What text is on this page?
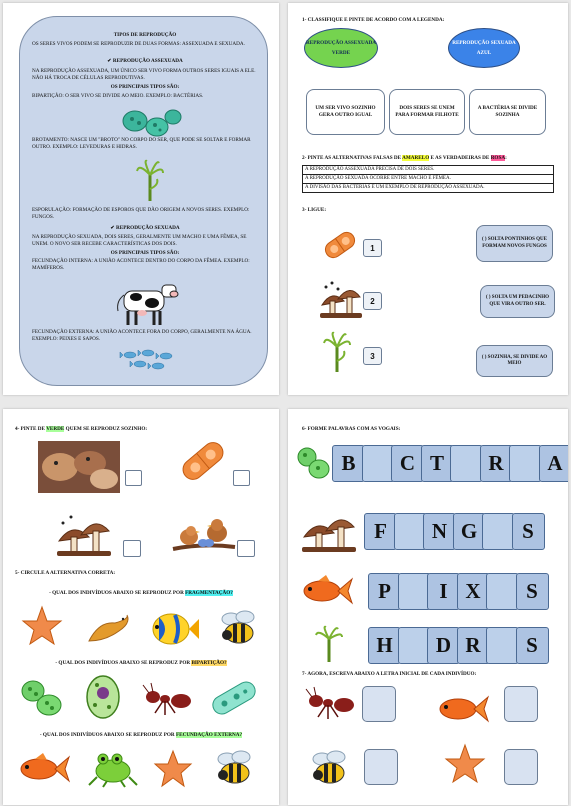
TIPOS DE REPRODUÇÃO
OS SERES VIVOS PODEM SE REPRODUZIR DE DUAS FORMAS: ASSEXUADA E SEXUADA.
✔ REPRODUÇÃO ASSEXUADA
NA REPRODUÇÃO ASSEXUADA, UM ÚNICO SER VIVO FORMA OUTROS SERES IGUAIS A ELE. NÃO HÁ TROCA DE CÉLULAS REPRODUTIVAS.
OS PRINCIPAIS TIPOS SÃO:
BIPARTIÇÃO: O SER VIVO SE DIVIDE AO MEIO. EXEMPLO: BACTÉRIAS.
BROTAMENTO: NASCE UM "BROTO" NO CORPO DO SER, QUE PODE SE SOLTAR E FORMAR OUTRO. EXEMPLO: LEVEDURAS E HIDRAS.
ESPORULAÇÃO: FORMAÇÃO DE ESPOROS QUE DÃO ORIGEM A NOVOS SERES. EXEMPLO: FUNGOS.
✔ REPRODUÇÃO SEXUADA
NA REPRODUÇÃO SEXUADA, DOIS SERES, GERALMENTE UM MACHO E UMA FÊMEA, SE UNEM. O NOVO SER RECEBE CARACTERÍSTICAS DOS DOIS.
OS PRINCIPAIS TIPOS SÃO:
FECUNDAÇÃO INTERNA: A UNIÃO ACONTECE DENTRO DO CORPO DA FÊMEA. EXEMPLO: MAMÍFEROS.
FECUNDAÇÃO EXTERNA: A UNIÃO ACONTECE FORA DO CORPO, GERALMENTE NA ÁGUA. EXEMPLO: PEIXES E SAPOS.
1- CLASSIFIQUE E PINTE DE ACORDO COM A LEGENDA:
REPRODUÇÃO ASSEXUADA
VERDE
REPRODUÇÃO SEXUADA
AZUL
UM SER VIVO SOZINHO GERA OUTRO IGUAL
DOIS SERES SE UNEM PARA FORMAR FILHOTE
A BACTÉRIA SE DIVIDE SOZINHA
2- PINTE AS ALTERNATIVAS FALSAS DE AMARELO E AS VERDADEIRAS DE ROSA:
A REPRODUÇÃO ASSEXUADA PRECISA DE DOIS SERES.
A REPRODUÇÃO SEXUADA OCORRE ENTRE MACHO E FÊMEA.
A DIVISÃO DAS BACTÉRIAS É UM EXEMPLO DE REPRODUÇÃO ASSEXUADA.
3- LIGUE:
1
2
3
( ) SOLTA PONTINHOS QUE FORMAM NOVOS FUNGOS
( ) SOLTA UM PEDACINHO QUE VIRA OUTRO SER.
( ) SOZINHA, SE DIVIDE AO MEIO
4- PINTE DE VERDE QUEM SE REPRODUZ SOZINHO:
5- CIRCULE A ALTERNATIVA CORRETA:
- QUAL DOS INDIVÍDUOS ABAIXO SE REPRODUZ POR FRAGMENTAÇÃO?
- QUAL DOS INDIVÍDUOS ABAIXO SE REPRODUZ POR BIPARTIÇÃO?
- QUAL DOS INDIVÍDUOS ABAIXO SE REPRODUZ POR FECUNDAÇÃO EXTERNA?
6- FORME PALAVRAS COM AS VOGAIS:
B	C T	R	A
F	N G	S
P	I X	S
H	D R	S
7- AGORA, ESCREVA ABAIXO A LETRA INICIAL DE CADA INDIVÍDUO:
